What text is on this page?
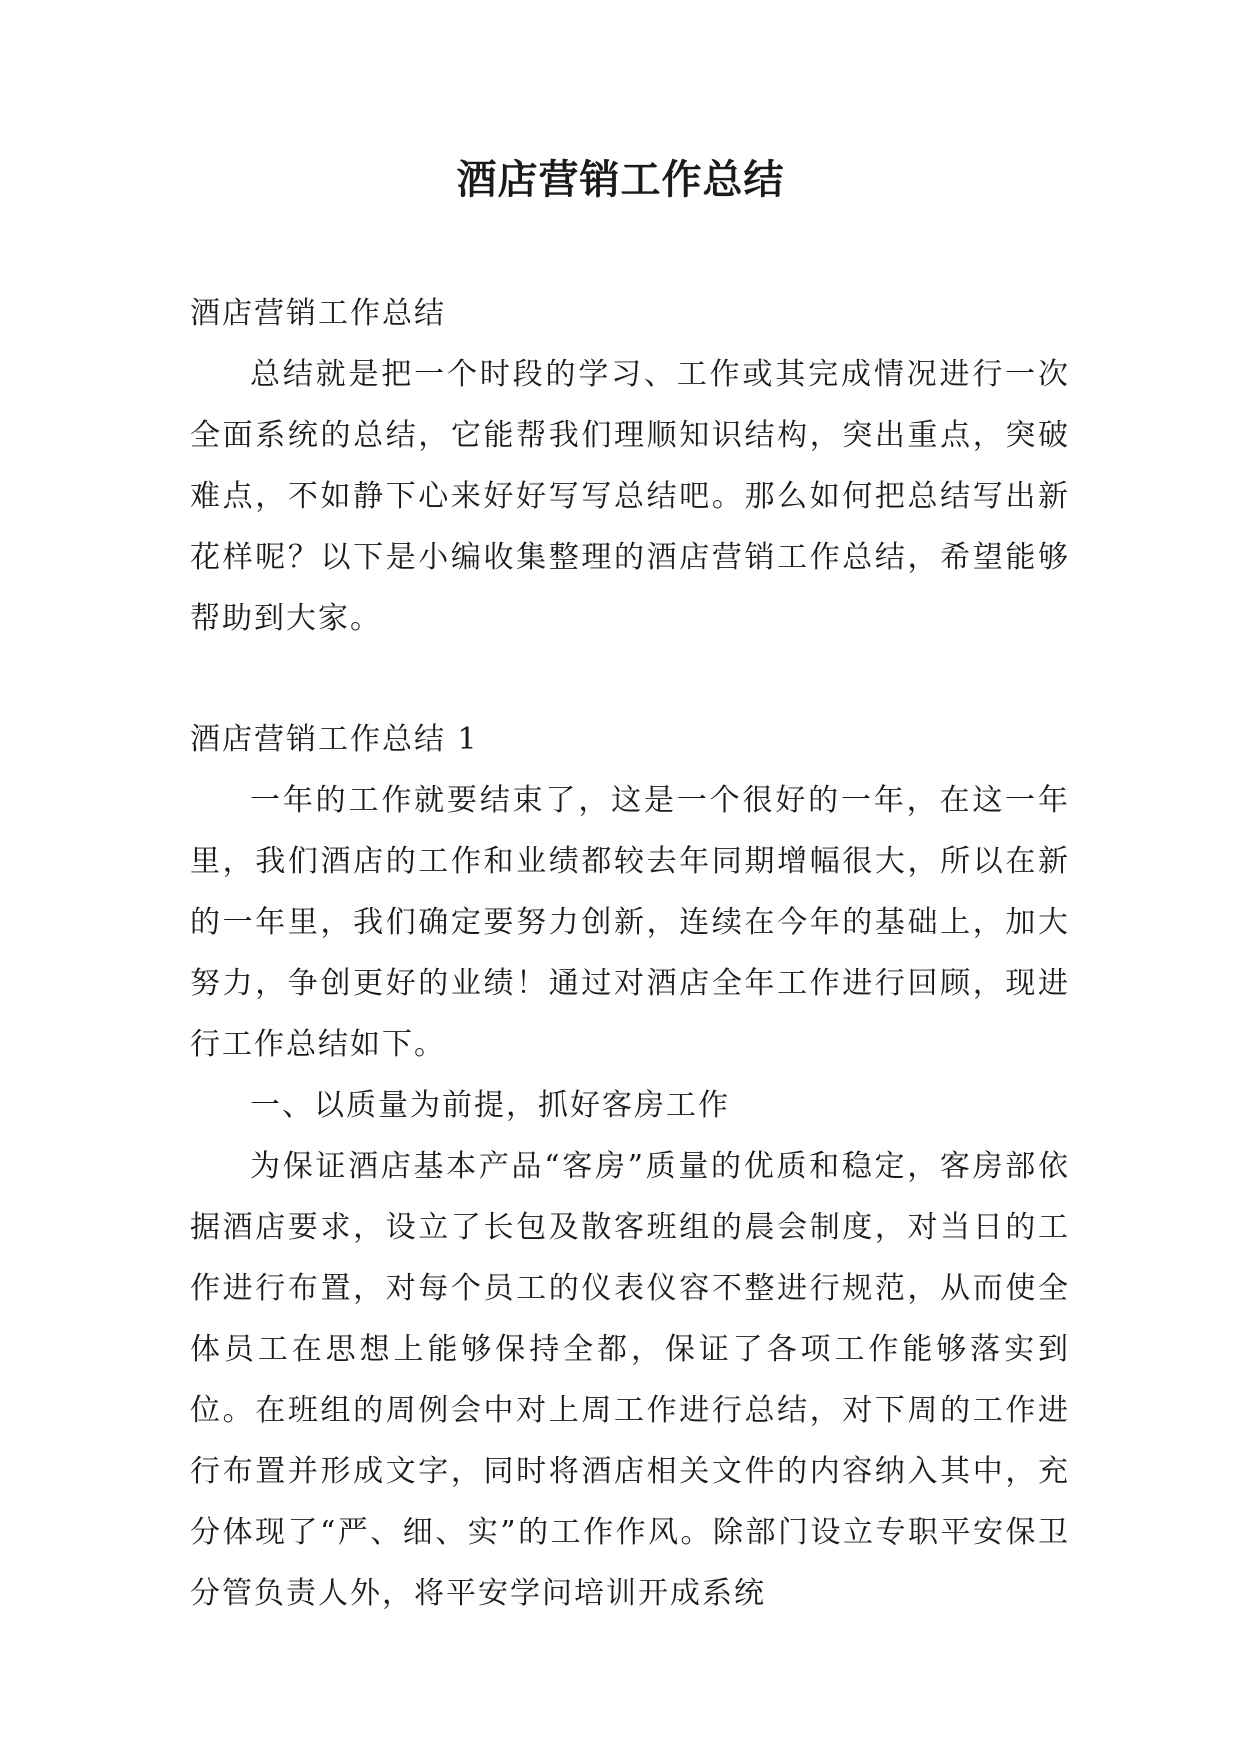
酒店营销工作总结

酒店营销工作总结

总结就是把一个时段的学习、工作或其完成情况进行一次全面系统的总结，它能帮我们理顺知识结构，突出重点，突破难点，不如静下心来好好写写总结吧。那么如何把总结写出新花样呢？以下是小编收集整理的酒店营销工作总结，希望能够帮助到大家。

酒店营销工作总结 1

一年的工作就要结束了，这是一个很好的一年，在这一年里，我们酒店的工作和业绩都较去年同期增幅很大，所以在新的一年里，我们确定要努力创新，连续在今年的基础上，加大努力，争创更好的业绩！通过对酒店全年工作进行回顾，现进行工作总结如下。

一、以质量为前提，抓好客房工作

为保证酒店基本产品“客房”质量的优质和稳定，客房部依据酒店要求，设立了长包及散客班组的晨会制度，对当日的工作进行布置，对每个员工的仪表仪容不整进行规范，从而使全体员工在思想上能够保持全都，保证了各项工作能够落实到位。在班组的周例会中对上周工作进行总结，对下周的工作进行布置并形成文字，同时将酒店相关文件的内容纳入其中，充分体现了“严、细、实”的工作作风。除部门设立专职平安保卫分管负责人外，将平安学问培训开成系统
